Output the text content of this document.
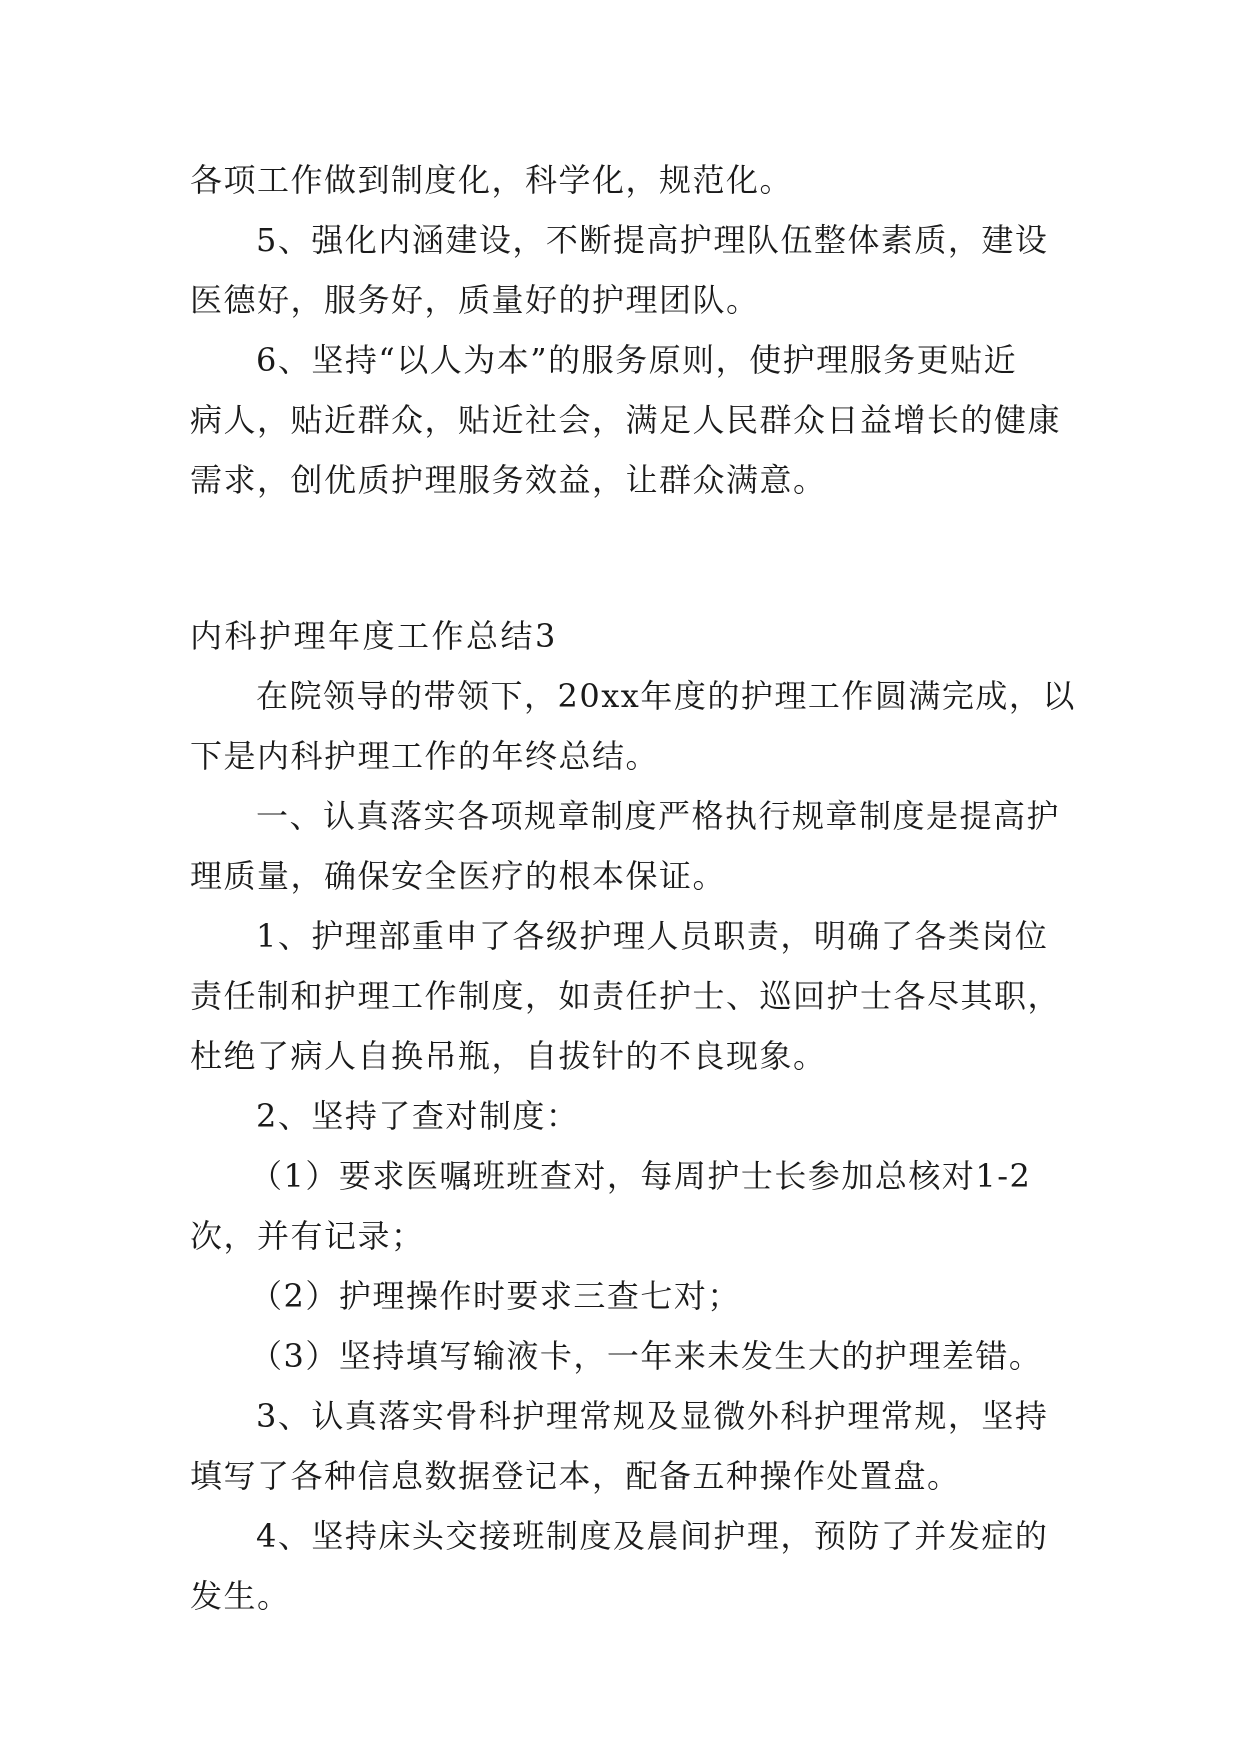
各项工作做到制度化，科学化，规范化。
5、强化内涵建设，不断提高护理队伍整体素质，建设
医德好，服务好，质量好的护理团队。
6、坚持“以人为本”的服务原则，使护理服务更贴近
病人，贴近群众，贴近社会，满足人民群众日益增长的健康
需求，创优质护理服务效益，让群众满意。
内科护理年度工作总结3
在院领导的带领下，20xx年度的护理工作圆满完成，以
下是内科护理工作的年终总结。
一、认真落实各项规章制度严格执行规章制度是提高护
理质量，确保安全医疗的根本保证。
1、护理部重申了各级护理人员职责，明确了各类岗位
责任制和护理工作制度，如责任护士、巡回护士各尽其职，
杜绝了病人自换吊瓶，自拔针的不良现象。
2、坚持了查对制度：
（1）要求医嘱班班查对，每周护士长参加总核对1-2
次，并有记录；
（2）护理操作时要求三查七对；
（3）坚持填写输液卡，一年来未发生大的护理差错。
3、认真落实骨科护理常规及显微外科护理常规，坚持
填写了各种信息数据登记本，配备五种操作处置盘。
4、坚持床头交接班制度及晨间护理，预防了并发症的
发生。
